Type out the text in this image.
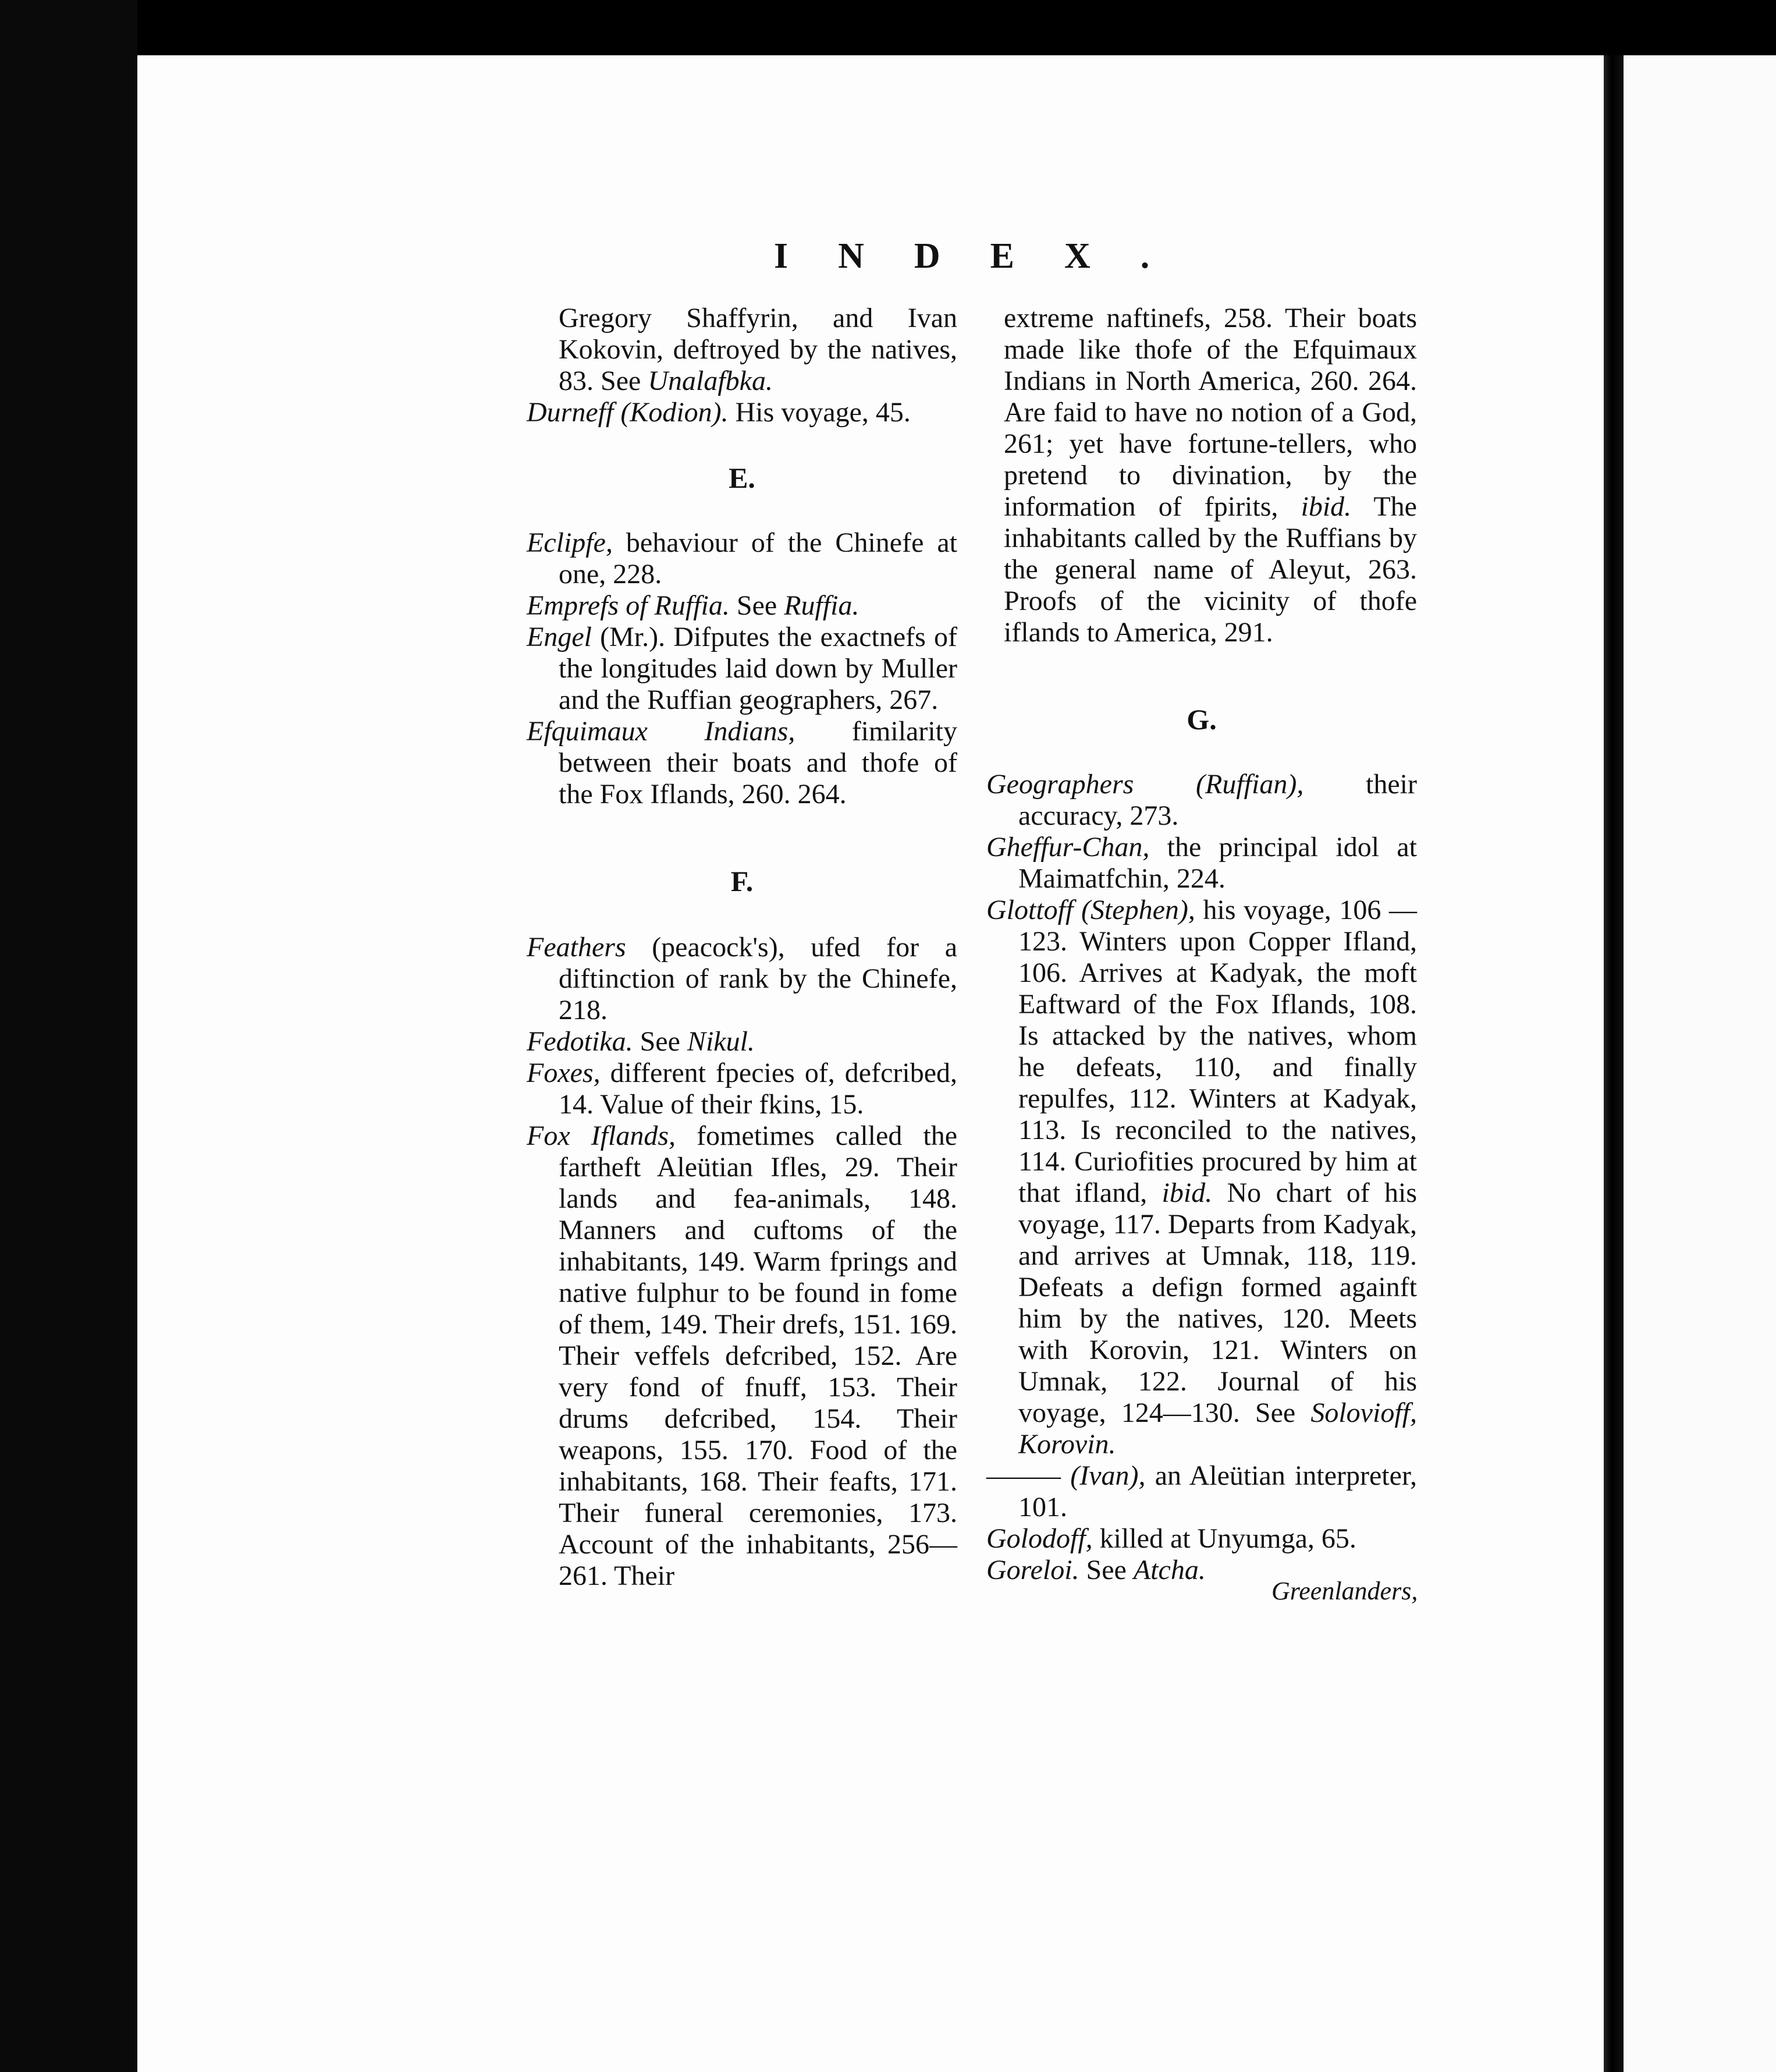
INDEX.

Gregory Shaffyrin, and Ivan Kokovin, deftroyed by the natives, 83. See Unalafbka.

Durneff (Kodion). His voyage, 45.

E.

Eclipfe, behaviour of the Chinefe at one, 228.

Emprefs of Ruffia. See Ruffia.

Engel (Mr.). Difputes the exactnefs of the longitudes laid down by Muller and the Ruffian geographers, 267.

Efquimaux Indians, fimilarity between their boats and thofe of the Fox Iflands, 260. 264.

F.

Feathers (peacock's), ufed for a diftinction of rank by the Chinefe, 218.

Fedotika. See Nikul.

Foxes, different fpecies of, defcribed, 14. Value of their fkins, 15.

Fox Iflands, fometimes called the fartheft Aleütian Ifles, 29. Their lands and fea-animals, 148. Manners and cuftoms of the inhabitants, 149. Warm fprings and native fulphur to be found in fome of them, 149. Their drefs, 151. 169. Their veffels defcribed, 152. Are very fond of fnuff, 153. Their drums defcribed, 154. Their weapons, 155. 170. Food of the inhabitants, 168. Their feafts, 171. Their funeral ceremonies, 173. Account of the inhabitants, 256—261. Their

extreme naftinefs, 258. Their boats made like thofe of the Efquimaux Indians in North America, 260. 264. Are faid to have no notion of a God, 261; yet have fortune-tellers, who pretend to divination, by the information of fpirits, ibid. The inhabitants called by the Ruffians by the general name of Aleyut, 263. Proofs of the vicinity of thofe iflands to America, 291.

G.

Geographers (Ruffian), their accuracy, 273.

Gheffur-Chan, the principal idol at Maimatfchin, 224.

Glottoff (Stephen), his voyage, 106 —123. Winters upon Copper Ifland, 106. Arrives at Kadyak, the moft Eaftward of the Fox Iflands, 108. Is attacked by the natives, whom he defeats, 110, and finally repulfes, 112. Winters at Kadyak, 113. Is reconciled to the natives, 114. Curiofities procured by him at that ifland, ibid. No chart of his voyage, 117. Departs from Kadyak, and arrives at Umnak, 118, 119. Defeats a defign formed againft him by the natives, 120. Meets with Korovin, 121. Winters on Umnak, 122. Journal of his voyage, 124—130. See Solovioff, Korovin.

——— (Ivan), an Aleütian interpreter, 101.

Golodoff, killed at Unyumga, 65.

Goreloi. See Atcha.

Greenlanders,
